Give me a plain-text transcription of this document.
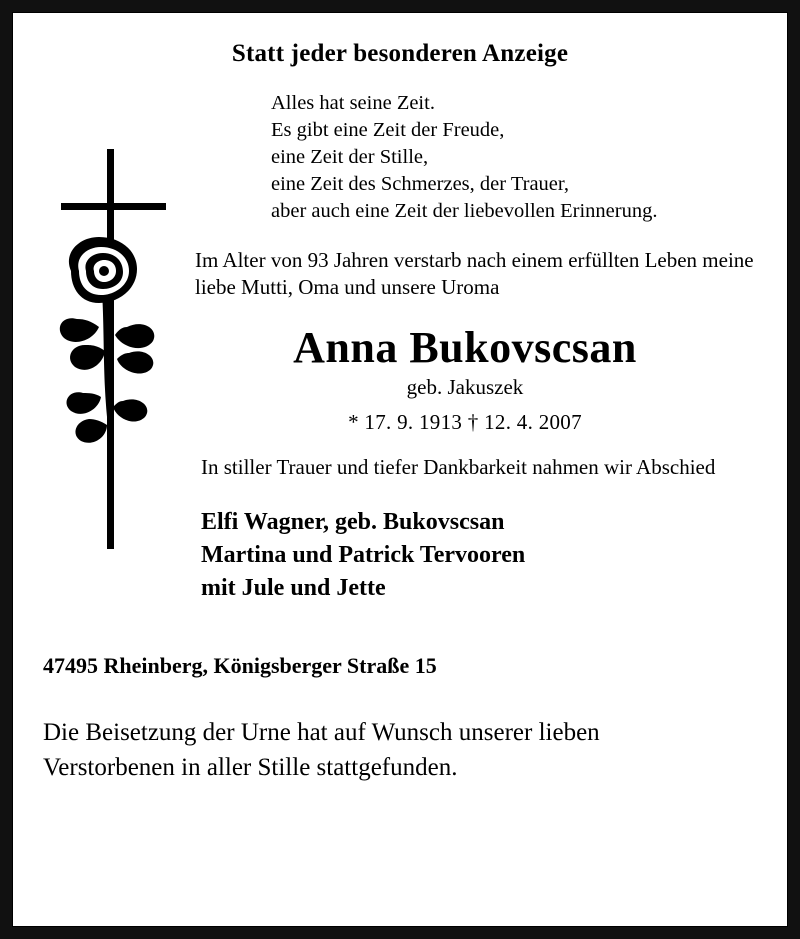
Statt jeder besonderen Anzeige
Alles hat seine Zeit.
Es gibt eine Zeit der Freude,
eine Zeit der Stille,
eine Zeit des Schmerzes, der Trauer,
aber auch eine Zeit der liebevollen Erinnerung.
Im Alter von 93 Jahren verstarb nach einem erfüllten Leben meine liebe Mutti, Oma und unsere Uroma
Anna Bukovscsan
geb. Jakuszek
* 17. 9. 1913 † 12. 4. 2007
In stiller Trauer und tiefer Dankbarkeit nahmen wir Abschied
Elfi Wagner, geb. Bukovscsan
Martina und Patrick Tervooren
mit Jule und Jette
47495 Rheinberg, Königsberger Straße 15
Die Beisetzung der Urne hat auf Wunsch unserer lieben
Verstorbenen in aller Stille stattgefunden.
